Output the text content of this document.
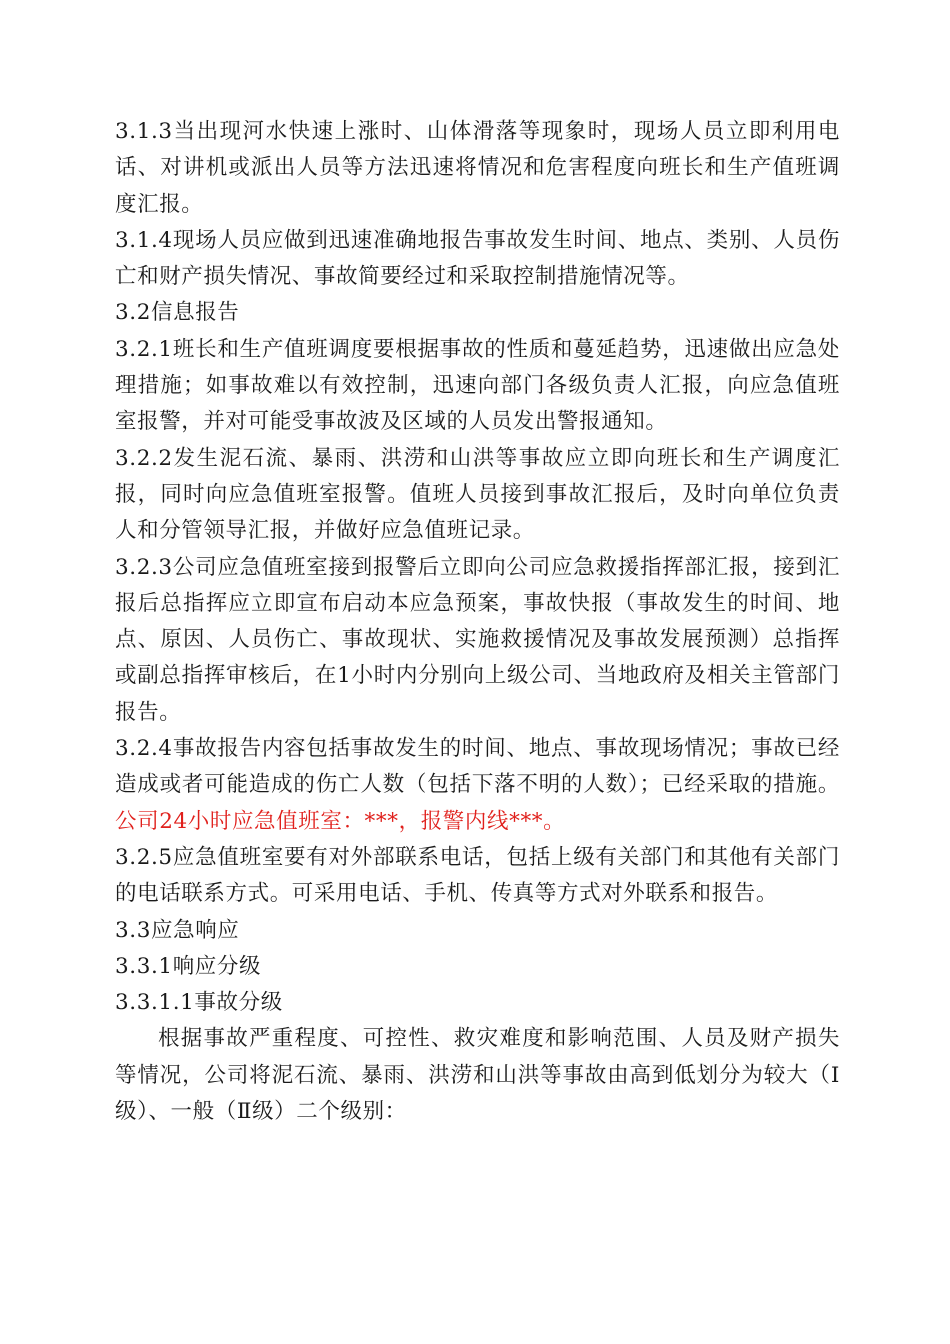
3.1.3当出现河水快速上涨时、山体滑落等现象时，现场人员立即利用电话、对讲机或派出人员等方法迅速将情况和危害程度向班长和生产值班调度汇报。

3.1.4现场人员应做到迅速准确地报告事故发生时间、地点、类别、人员伤亡和财产损失情况、事故简要经过和采取控制措施情况等。

3.2信息报告

3.2.1班长和生产值班调度要根据事故的性质和蔓延趋势，迅速做出应急处理措施；如事故难以有效控制，迅速向部门各级负责人汇报，向应急值班室报警，并对可能受事故波及区域的人员发出警报通知。

3.2.2发生泥石流、暴雨、洪涝和山洪等事故应立即向班长和生产调度汇报，同时向应急值班室报警。值班人员接到事故汇报后，及时向单位负责人和分管领导汇报，并做好应急值班记录。

3.2.3公司应急值班室接到报警后立即向公司应急救援指挥部汇报，接到汇报后总指挥应立即宣布启动本应急预案，事故快报（事故发生的时间、地点、原因、人员伤亡、事故现状、实施救援情况及事故发展预测）总指挥或副总指挥审核后，在1小时内分别向上级公司、当地政府及相关主管部门报告。

3.2.4事故报告内容包括事故发生的时间、地点、事故现场情况；事故已经造成或者可能造成的伤亡人数（包括下落不明的人数）；已经采取的措施。公司24小时应急值班室：***，报警内线***。

3.2.5应急值班室要有对外部联系电话，包括上级有关部门和其他有关部门的电话联系方式。可采用电话、手机、传真等方式对外联系和报告。

3.3应急响应

3.3.1响应分级

3.3.1.1事故分级

根据事故严重程度、可控性、救灾难度和影响范围、人员及财产损失等情况，公司将泥石流、暴雨、洪涝和山洪等事故由高到低划分为较大（Ⅰ级）、一般（Ⅱ级）二个级别：
